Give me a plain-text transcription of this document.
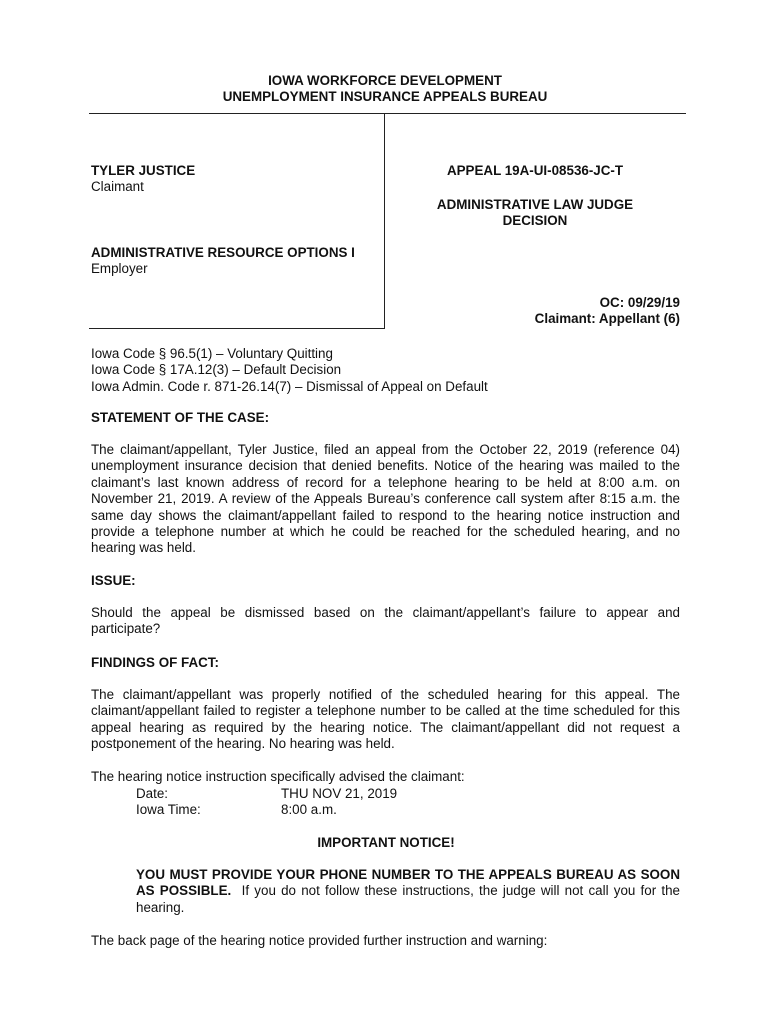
IOWA WORKFORCE DEVELOPMENT
UNEMPLOYMENT INSURANCE APPEALS BUREAU
TYLER JUSTICE
Claimant
ADMINISTRATIVE RESOURCE OPTIONS I
Employer
APPEAL 19A-UI-08536-JC-T
ADMINISTRATIVE LAW JUDGE
DECISION
OC: 09/29/19
Claimant: Appellant (6)
Iowa Code § 96.5(1) – Voluntary Quitting
Iowa Code § 17A.12(3) – Default Decision
Iowa Admin. Code r. 871-26.14(7) – Dismissal of Appeal on Default
STATEMENT OF THE CASE:

The claimant/appellant, Tyler Justice, filed an appeal from the October 22, 2019 (reference 04) unemployment insurance decision that denied benefits. Notice of the hearing was mailed to the claimant’s last known address of record for a telephone hearing to be held at 8:00 a.m. on November 21, 2019. A review of the Appeals Bureau’s conference call system after 8:15 a.m. the same day shows the claimant/appellant failed to respond to the hearing notice instruction and provide a telephone number at which he could be reached for the scheduled hearing, and no hearing was held.

ISSUE:

Should the appeal be dismissed based on the claimant/appellant’s failure to appear and participate?

FINDINGS OF FACT:

The claimant/appellant was properly notified of the scheduled hearing for this appeal. The claimant/appellant failed to register a telephone number to be called at the time scheduled for this appeal hearing as required by the hearing notice. The claimant/appellant did not request a postponement of the hearing. No hearing was held.

The hearing notice instruction specifically advised the claimant:
Date:	THU NOV 21, 2019
Iowa Time:	8:00 a.m.
IMPORTANT NOTICE!

YOU MUST PROVIDE YOUR PHONE NUMBER TO THE APPEALS BUREAU AS SOON AS POSSIBLE. If you do not follow these instructions, the judge will not call you for the hearing.

The back page of the hearing notice provided further instruction and warning:
